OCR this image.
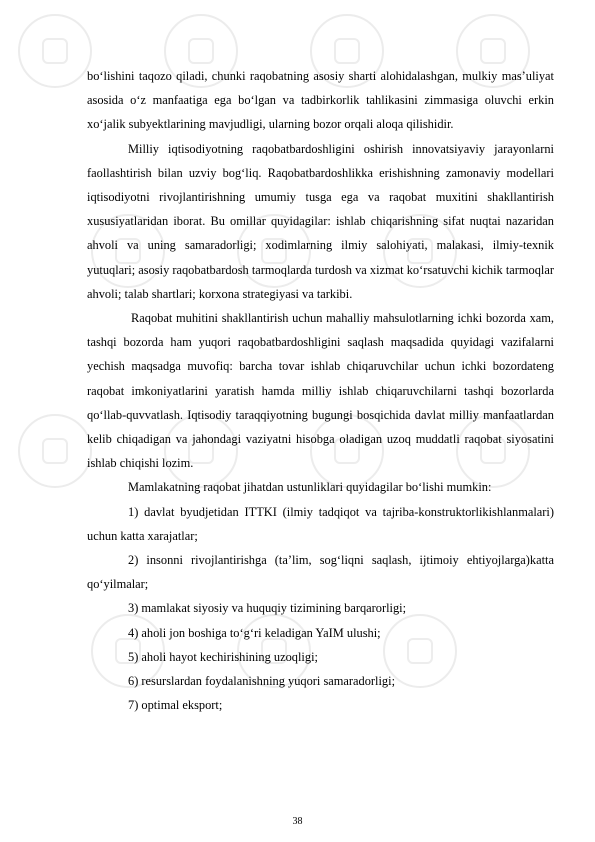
bo‘lishini taqozo qiladi, chunki raqobatning asosiy sharti alohidalashgan, mulkiy mas’uliyat asosida o‘z manfaatiga ega bo‘lgan va tadbirkorlik tahlikasini zimmasiga oluvchi erkin xo‘jalik subyektlarining mavjudligi, ularning bozor orqali aloqa qilishidir.

Milliy iqtisodiyotning raqobatbardoshligini oshirish innovatsiyaviy jarayonlarni faollashtirish bilan uzviy bog‘liq. Raqobatbardoshlikka erishishning zamonaviy modellari iqtisodiyotni rivojlantirishning umumiy tusga ega va raqobat muxitini shakllantirish xususiyatlaridan iborat. Bu omillar quyidagilar: ishlab chiqarishning sifat nuqtai nazaridan ahvoli va uning samaradorligi; xodimlarning ilmiy salohiyati, malakasi, ilmiy-texnik yutuqlari; asosiy raqobatbardosh tarmoqlarda turdosh va xizmat ko‘rsatuvchi kichik tarmoqlar ahvoli; talab shartlari; korxona strategiyasi va tarkibi.

Raqobat muhitini shakllantirish uchun mahalliy mahsulotlarning ichki bozorda xam, tashqi bozorda ham yuqori raqobatbardoshligini saqlash maqsadida quyidagi vazifalarni yechish maqsadga muvofiq: barcha tovar ishlab chiqaruvchilar uchun ichki bozordateng raqobat imkoniyatlarini yaratish hamda milliy ishlab chiqaruvchilarni tashqi bozorlarda qo‘llab-quvvatlash. Iqtisodiy taraqqiyotning bugungi bosqichida davlat milliy manfaatlardan kelib chiqadigan va jahondagi vaziyatni hisobga oladigan uzoq muddatli raqobat siyosatini ishlab chiqishi lozim.

Mamlakatning raqobat jihatdan ustunliklari quyidagilar bo‘lishi mumkin:

1) davlat byudjetidan ITTKI (ilmiy tadqiqot va tajriba-konstruktorlikishlanmalari) uchun katta xarajatlar;

2) insonni rivojlantirishga (ta’lim, sog‘liqni saqlash, ijtimoiy ehtiyojlarga)katta qo‘yilmalar;

3) mamlakat siyosiy va huquqiy tizimining barqarorligi;

4) aholi jon boshiga to‘g‘ri keladigan YaIM ulushi;

5) aholi hayot kechirishining uzoqligi;

6) resurslardan foydalanishning yuqori samaradorligi;

7) optimal eksport;

38
